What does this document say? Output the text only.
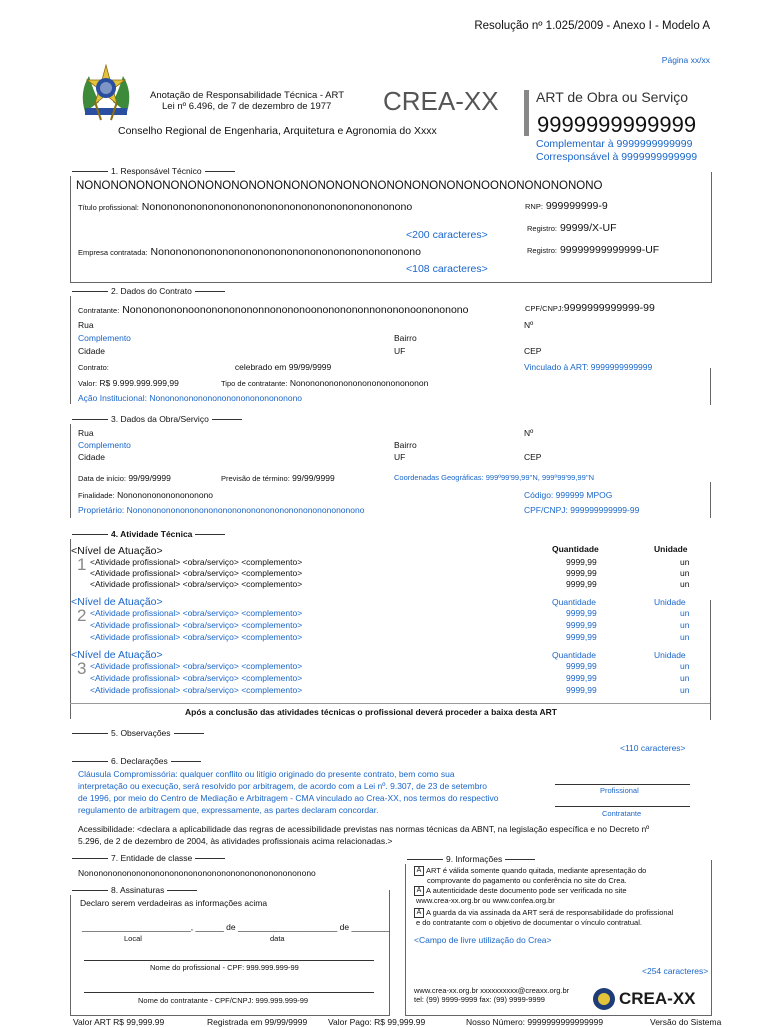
Resolução nº 1.025/2009 - Anexo I - Modelo A
Página xx/xx
Anotação de Responsabilidade Técnica - ART
Lei nº 6.496, de 7 de dezembro de 1977 CREA-XX
Conselho Regional de Engenharia, Arquitetura e Agronomia do Xxxx
ART de Obra ou Serviço
9999999999999
Complementar à 9999999999999
Corresponsável à 9999999999999
1. Responsável Técnico
NONONONONONONONONONONONONONONONONONONONONONONONOONONONONONONO
Título profissional: Nonononononononononononononononononononononono	RNP: 999999999-9
<200 caracteres>
Registro: 99999/X-UF
Empresa contratada: Nonononononononononononononononononononononono	Registro: 99999999999999-UF
<108 caracteres>
2. Dados do Contrato
Contratante: Nonononononoononononononnonononoonononononnonononoonononono	CPF/CNPJ:9999999999999-99
Rua	Nº
Complemento	Bairro
Cidade	UF	CEP
Contrato:	celebrado em 99/99/9999	Vinculado à ART: 9999999999999
Valor: R$ 9.999.999.999,99	Tipo de contratante: Nonononononononononononononon
Ação Institucional: Nononononononononononononononono
3. Dados da Obra/Serviço
Rua	Nº
Complemento	Bairro
Cidade	UF	CEP
Data de início: 99/99/9999	Previsão de término: 99/99/9999	Coordenadas Geográficas: 999º99'99,99''N, 999º99'99,99''N
Finalidade: Nononononononononono	Código: 999999 MPOG
Proprietário: Nonononononononononononononononononononononononono	CPF/CNPJ: 999999999999-99
4. Atividade Técnica
<Nível de Atuação>	Quantidade	Unidade
1 <Atividade profissional> <obra/serviço> <complemento>	9999,99	un
<Atividade profissional> <obra/serviço> <complemento>	9999,99	un
<Atividade profissional> <obra/serviço> <complemento>	9999,99	un
<Nível de Atuação>	Quantidade	Unidade
2 <Atividade profissional> <obra/serviço> <complemento>	9999,99	un
<Atividade profissional> <obra/serviço> <complemento>	9999,99	un
<Atividade profissional> <obra/serviço> <complemento>	9999,99	un
<Nível de Atuação>	Quantidade	Unidade
3 <Atividade profissional> <obra/serviço> <complemento>	9999,99	un
<Atividade profissional> <obra/serviço> <complemento>	9999,99	un
<Atividade profissional> <obra/serviço> <complemento>	9999,99	un
Após a conclusão das atividades técnicas o profissional deverá proceder a baixa desta ART
5. Observações
<110 caracteres>
6. Declarações
Cláusula Compromissória: qualquer conflito ou litígio originado do presente contrato, bem como sua
interpretação ou execução, será resolvido por arbitragem, de acordo com a Lei nº. 9.307, de 23 de setembro
de 1996, por meio do Centro de Mediação e Arbitragem - CMA vinculado ao Crea-XX, nos termos do respectivo
regulamento de arbitragem que, expressamente, as partes declaram concordar.
Profissional
Contratante
Acessibilidade: <declara a aplicabilidade das regras de acessibilidade previstas nas normas técnicas da ABNT, na legislação específica e no Decreto nº
5.296, de 2 de dezembro de 2004, às atividades profissionais acima relacionadas.>
7. Entidade de classe
Nonononononononononononononononononononononononono
8. Assinaturas
Declaro serem verdadeiras as informações acima
_______________________, ______ de _____________________ de ________
Local	data
Nome do profissional - CPF: 999.999.999-99
Nome do contratante - CPF/CNPJ: 999.999.999-99
9. Informações
A ART é válida somente quando quitada, mediante apresentação do
comprovante do pagamento ou conferência no site do Crea.
A A autenticidade deste documento pode ser verificada no site
www.crea-xx.org.br ou www.confea.org.br
A A guarda da via assinada da ART será de responsabilidade do profissional
e do contratante com o objetivo de documentar o vínculo contratual.
<Campo de livre utilização do Crea>
<254 caracteres>
www.crea-xx.org.br xxxxxxxxxx@creaxx.org.br
tel: (99) 9999-9999 fax: (99) 9999-9999	CREA-XX
Valor ART R$ 99,999.99	Registrada em 99/99/9999 Valor Pago: R$ 99,999.99	Nosso Número: 9999999999999999	Versão do Sistema
